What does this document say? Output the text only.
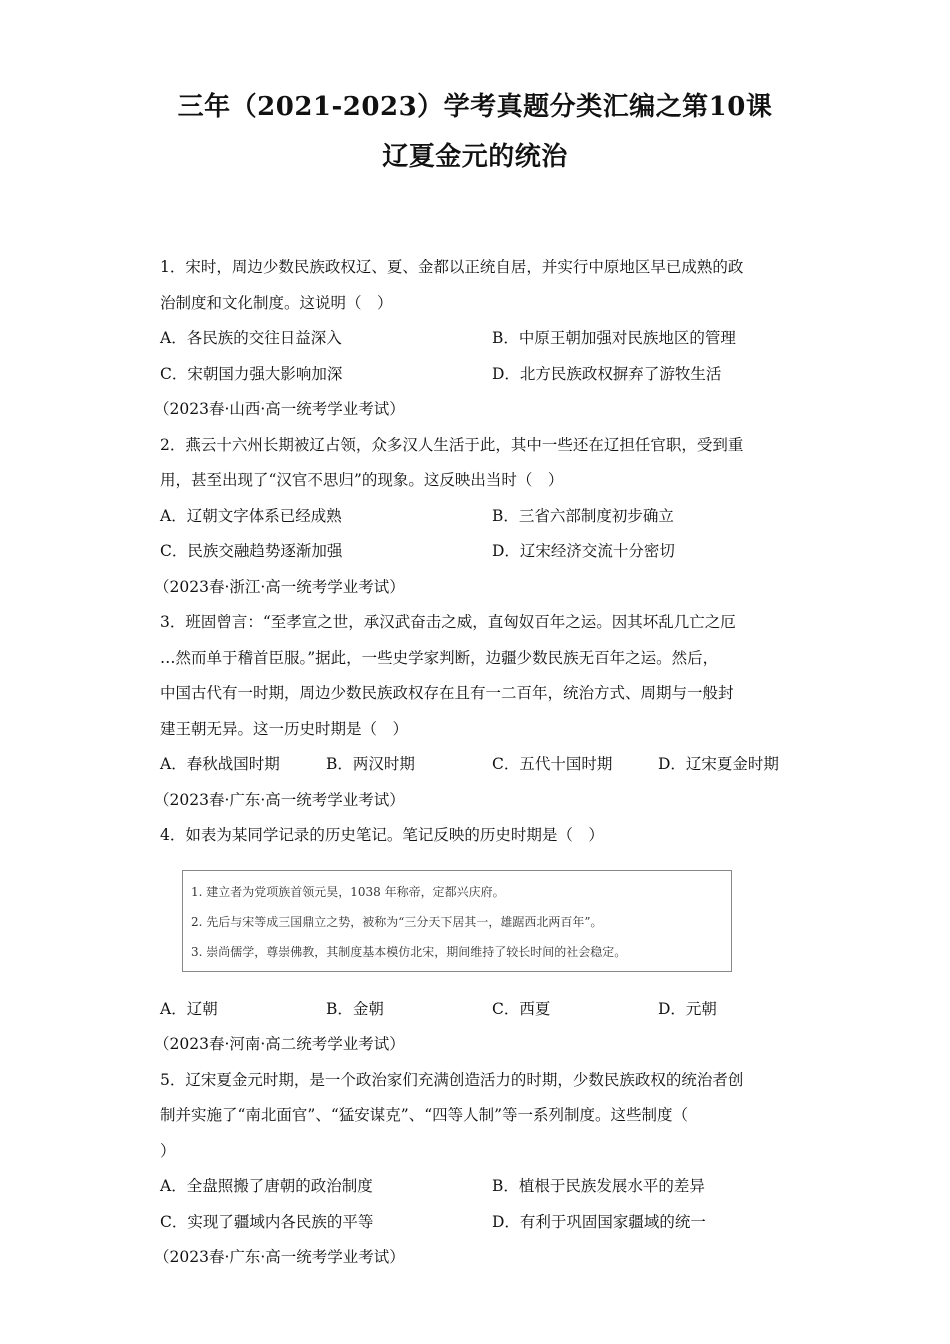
三年（2021-2023）学考真题分类汇编之第10课
辽夏金元的统治
1．宋时，周边少数民族政权辽、夏、金都以正统自居，并实行中原地区早已成熟的政
治制度和文化制度。这说明（　）
A．各民族的交往日益深入	B．中原王朝加强对民族地区的管理
C．宋朝国力强大影响加深	D．北方民族政权摒弃了游牧生活
（2023春·山西·高一统考学业考试）
2．燕云十六州长期被辽占领，众多汉人生活于此，其中一些还在辽担任官职，受到重
用，甚至出现了“汉官不思归”的现象。这反映出当时（　）
A．辽朝文字体系已经成熟	B．三省六部制度初步确立
C．民族交融趋势逐渐加强	D．辽宋经济交流十分密切
（2023春·浙江·高一统考学业考试）
3．班固曾言：“至孝宣之世，承汉武奋击之威，直匈奴百年之运。因其坏乱几亡之厄
…然而单于稽首臣服。”据此，一些史学家判断，边疆少数民族无百年之运。然后，
中国古代有一时期，周边少数民族政权存在且有一二百年，统治方式、周期与一般封
建王朝无异。这一历史时期是（　）
A．春秋战国时期	B．两汉时期	C．五代十国时期	D．辽宋夏金时期
（2023春·广东·高一统考学业考试）
4．如表为某同学记录的历史笔记。笔记反映的历史时期是（　）
1. 建立者为党项族首领元昊，1038 年称帝，定都兴庆府。
2. 先后与宋等成三国鼎立之势，被称为“三分天下居其一，雄踞西北两百年”。
3. 崇尚儒学，尊崇佛教，其制度基本模仿北宋，期间维持了较长时间的社会稳定。
A．辽朝	B．金朝	C．西夏	D．元朝
（2023春·河南·高二统考学业考试）
5．辽宋夏金元时期，是一个政治家们充满创造活力的时期，少数民族政权的统治者创
制并实施了“南北面官”、“猛安谋克”、“四等人制”等一系列制度。这些制度（
）
A．全盘照搬了唐朝的政治制度	B．植根于民族发展水平的差异
C．实现了疆域内各民族的平等	D．有利于巩固国家疆域的统一
（2023春·广东·高一统考学业考试）
